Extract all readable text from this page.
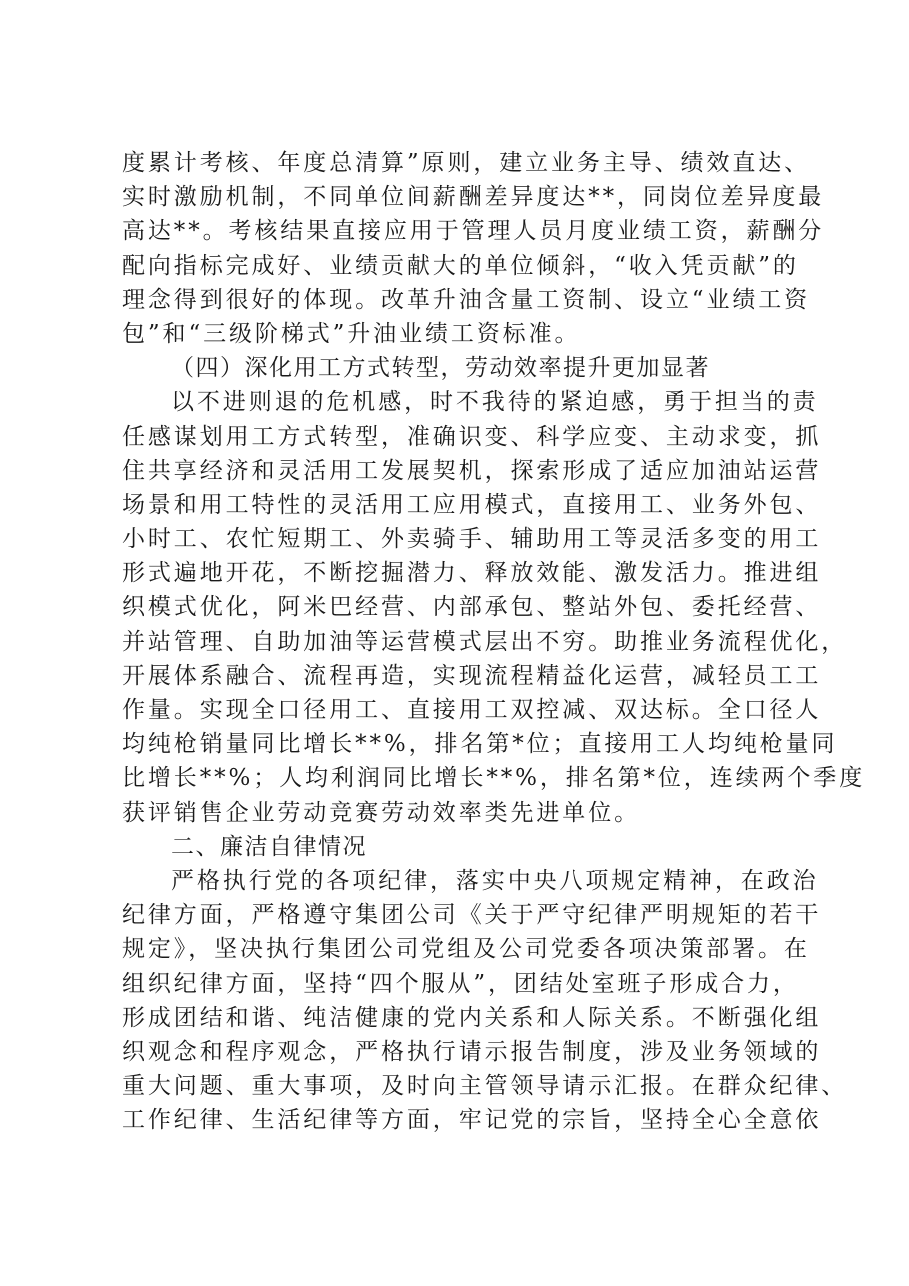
度累计考核、年度总清算”原则，建立业务主导、绩效直达、
实时激励机制，不同单位间薪酬差异度达**，同岗位差异度最
高达**。考核结果直接应用于管理人员月度业绩工资，薪酬分
配向指标完成好、业绩贡献大的单位倾斜，“收入凭贡献”的
理念得到很好的体现。改革升油含量工资制、设立“业绩工资
包”和“三级阶梯式”升油业绩工资标准。
（四）深化用工方式转型，劳动效率提升更加显著
以不进则退的危机感，时不我待的紧迫感，勇于担当的责
任感谋划用工方式转型，准确识变、科学应变、主动求变，抓
住共享经济和灵活用工发展契机，探索形成了适应加油站运营
场景和用工特性的灵活用工应用模式，直接用工、业务外包、
小时工、农忙短期工、外卖骑手、辅助用工等灵活多变的用工
形式遍地开花，不断挖掘潜力、释放效能、激发活力。推进组
织模式优化，阿米巴经营、内部承包、整站外包、委托经营、
并站管理、自助加油等运营模式层出不穷。助推业务流程优化，
开展体系融合、流程再造，实现流程精益化运营，减轻员工工
作量。实现全口径用工、直接用工双控减、双达标。全口径人
均纯枪销量同比增长**%，排名第*位；直接用工人均纯枪量同
比增长**%；人均利润同比增长**%，排名第*位，连续两个季度
获评销售企业劳动竞赛劳动效率类先进单位。
二、廉洁自律情况
严格执行党的各项纪律，落实中央八项规定精神，在政治
纪律方面，严格遵守集团公司《关于严守纪律严明规矩的若干
规定》，坚决执行集团公司党组及公司党委各项决策部署。在
组织纪律方面，坚持“四个服从”，团结处室班子形成合力，
形成团结和谐、纯洁健康的党内关系和人际关系。不断强化组
织观念和程序观念，严格执行请示报告制度，涉及业务领域的
重大问题、重大事项，及时向主管领导请示汇报。在群众纪律、
工作纪律、生活纪律等方面，牢记党的宗旨，坚持全心全意依
